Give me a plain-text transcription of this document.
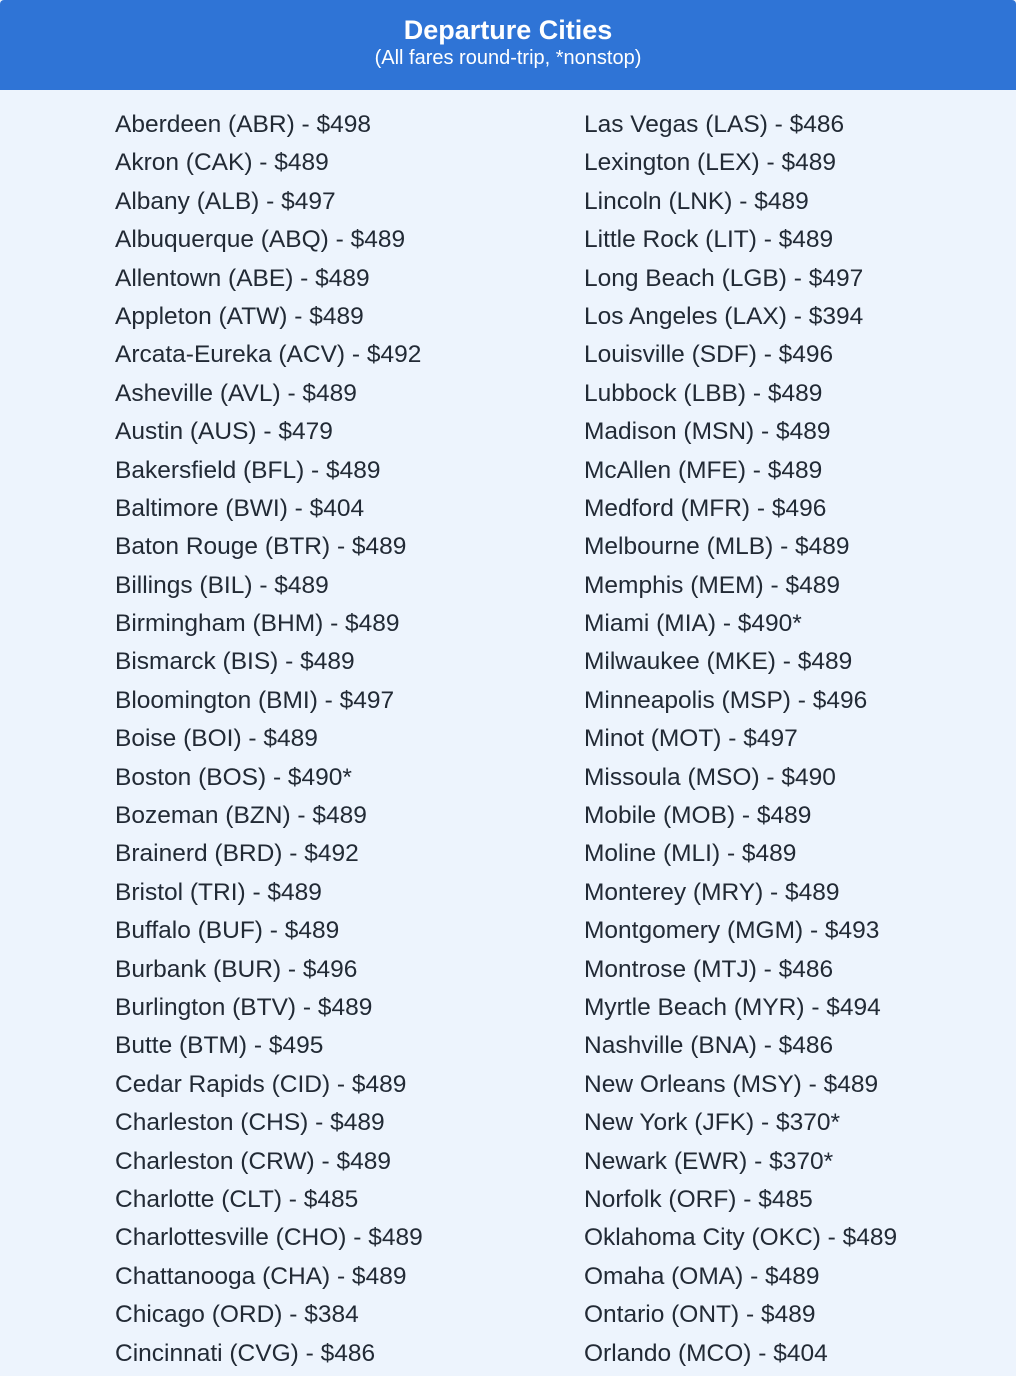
Departure Cities
(All fares round-trip, *nonstop)
Aberdeen (ABR) - $498
Akron (CAK) - $489
Albany (ALB) - $497
Albuquerque (ABQ) - $489
Allentown (ABE) - $489
Appleton (ATW) - $489
Arcata-Eureka (ACV) - $492
Asheville (AVL) - $489
Austin (AUS) - $479
Bakersfield (BFL) - $489
Baltimore (BWI) - $404
Baton Rouge (BTR) - $489
Billings (BIL) - $489
Birmingham (BHM) - $489
Bismarck (BIS) - $489
Bloomington (BMI) - $497
Boise (BOI) - $489
Boston (BOS) - $490*
Bozeman (BZN) - $489
Brainerd (BRD) - $492
Bristol (TRI) - $489
Buffalo (BUF) - $489
Burbank (BUR) - $496
Burlington (BTV) - $489
Butte (BTM) - $495
Cedar Rapids (CID) - $489
Charleston (CHS) - $489
Charleston (CRW) - $489
Charlotte (CLT) - $485
Charlottesville (CHO) - $489
Chattanooga (CHA) - $489
Chicago (ORD) - $384
Cincinnati (CVG) - $486
Las Vegas (LAS) - $486
Lexington (LEX) - $489
Lincoln (LNK) - $489
Little Rock (LIT) - $489
Long Beach (LGB) - $497
Los Angeles (LAX) - $394
Louisville (SDF) - $496
Lubbock (LBB) - $489
Madison (MSN) - $489
McAllen (MFE) - $489
Medford (MFR) - $496
Melbourne (MLB) - $489
Memphis (MEM) - $489
Miami (MIA) - $490*
Milwaukee (MKE) - $489
Minneapolis (MSP) - $496
Minot (MOT) - $497
Missoula (MSO) - $490
Mobile (MOB) - $489
Moline (MLI) - $489
Monterey (MRY) - $489
Montgomery (MGM) - $493
Montrose (MTJ) - $486
Myrtle Beach (MYR) - $494
Nashville (BNA) - $486
New Orleans (MSY) - $489
New York (JFK) - $370*
Newark (EWR) - $370*
Norfolk (ORF) - $485
Oklahoma City (OKC) - $489
Omaha (OMA) - $489
Ontario (ONT) - $489
Orlando (MCO) - $404
